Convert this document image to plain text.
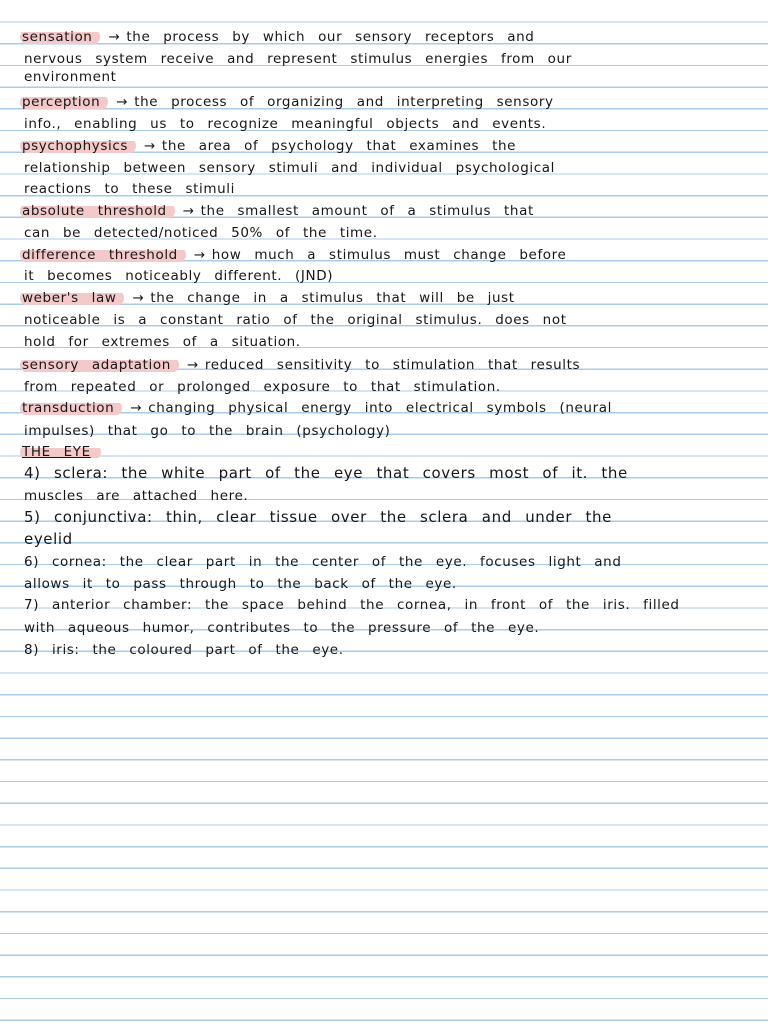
sensation → the process by which our sensory receptors and
nervous system receive and represent stimulus energies from our
environment
perception → the process of organizing and interpreting sensory
info., enabling us to recognize meaningful objects and events.
psychophysics → the area of psychology that examines the
relationship between sensory stimuli and individual psychological
reactions to these stimuli
absolute threshold → the smallest amount of a stimulus that
can be detected/noticed 50% of the time.
difference threshold → how much a stimulus must change before
it becomes noticeably different. (JND)
weber's law → the change in a stimulus that will be just
noticeable is a constant ratio of the original stimulus. does not
hold for extremes of a situation.
sensory adaptation → reduced sensitivity to stimulation that results
from repeated or prolonged exposure to that stimulation.
transduction → changing physical energy into electrical symbols (neural
impulses) that go to the brain (psychology)
THE EYE
4) sclera: the white part of the eye that covers most of it. the
muscles are attached here.
5) conjunctiva: thin, clear tissue over the sclera and under the
eyelid
6) cornea: the clear part in the center of the eye. focuses light and
allows it to pass through to the back of the eye.
7) anterior chamber: the space behind the cornea, in front of the iris. filled
with aqueous humor, contributes to the pressure of the eye.
8) iris: the coloured part of the eye.
